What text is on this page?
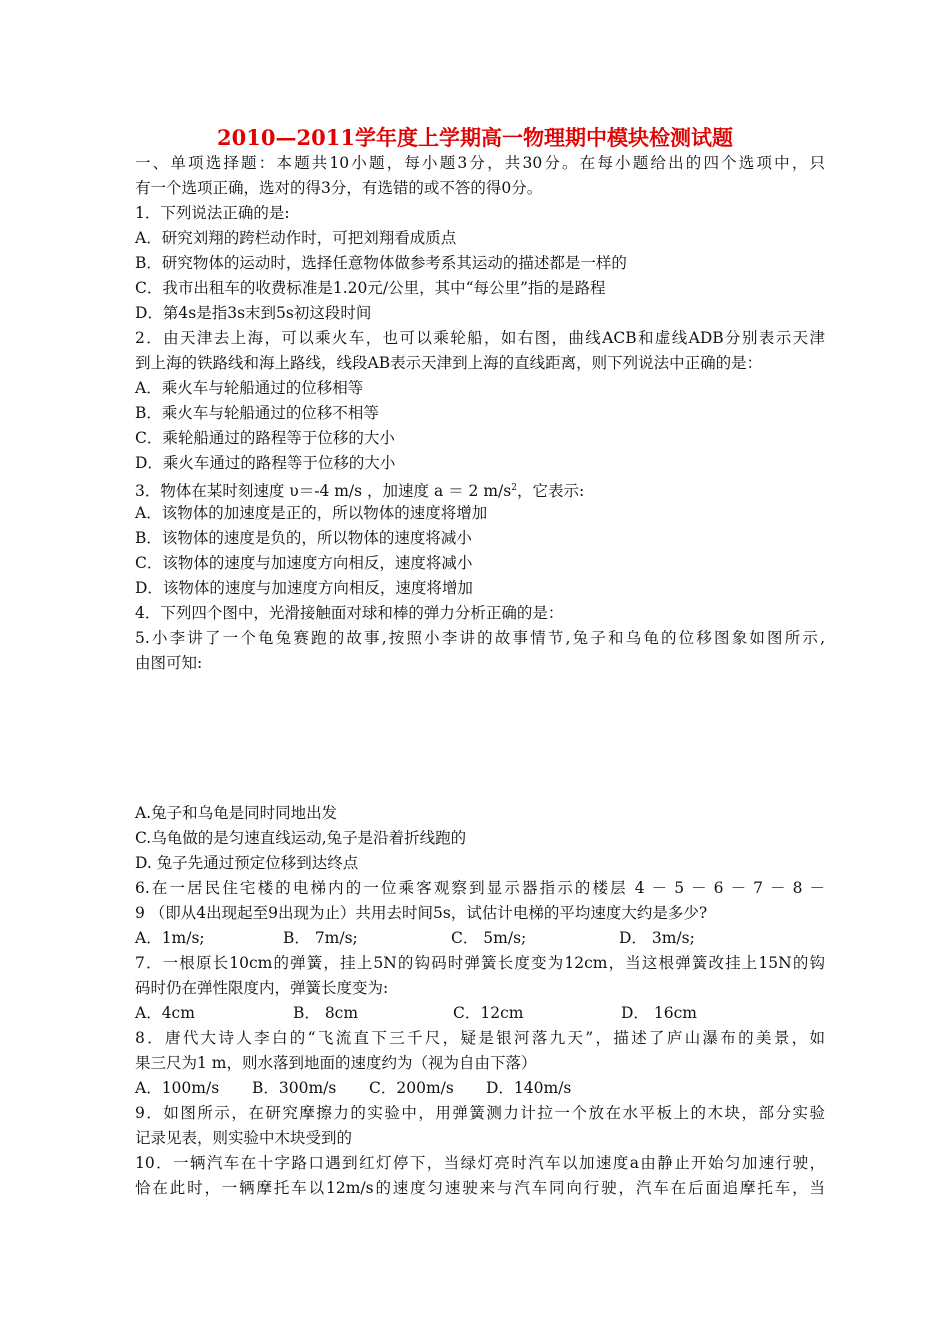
2010—2011学年度上学期高一物理期中模块检测试题
一、单项选择题：本题共10小题，每小题3分，共30分。在每小题给出的四个选项中，只
有一个选项正确，选对的得3分，有选错的或不答的得0分。
1．下列说法正确的是:
A．研究刘翔的跨栏动作时，可把刘翔看成质点
B．研究物体的运动时，选择任意物体做参考系其运动的描述都是一样的
C．我市出租车的收费标准是1.20元/公里，其中“每公里”指的是路程
D．第4s是指3s末到5s初这段时间
2．由天津去上海，可以乘火车，也可以乘轮船，如右图，曲线ACB和虚线ADB分别表示天津
到上海的铁路线和海上路线，线段AB表示天津到上海的直线距离，则下列说法中正确的是：
A．乘火车与轮船通过的位移相等
B．乘火车与轮船通过的位移不相等
C．乘轮船通过的路程等于位移的大小
D．乘火车通过的路程等于位移的大小
3．物体在某时刻速度 υ＝-4 m/s ，加速度 a ＝ 2 $m/s^2$，它表示:
A．该物体的加速度是正的，所以物体的速度将增加
B．该物体的速度是负的，所以物体的速度将减小
C．该物体的速度与加速度方向相反，速度将减小
D．该物体的速度与加速度方向相反，速度将增加
4．下列四个图中，光滑接触面对球和棒的弹力分析正确的是：
5.小李讲了一个龟兔赛跑的故事,按照小李讲的故事情节,兔子和乌龟的位移图象如图所示,
由图可知:
A.兔子和乌龟是同时同地出发
C.乌龟做的是匀速直线运动,兔子是沿着折线跑的
D. 兔子先通过预定位移到达终点
6.在一居民住宅楼的电梯内的一位乘客观察到显示器指示的楼层 4 － 5 － 6 － 7 － 8 －
9 （即从4出现起至9出现为止）共用去时间5s，试估计电梯的平均速度大约是多少?
A．1m/s;	B． 7m/s;	C． 5m/s;	D． 3m/s;
7．一根原长10cm的弹簧，挂上5N的钩码时弹簧长度变为12cm，当这根弹簧改挂上15N的钩
码时仍在弹性限度内，弹簧长度变为:
A．4cm	B． 8cm	C．12cm	D． 16cm
8．唐代大诗人李白的“飞流直下三千尺，疑是银河落九天”，描述了庐山瀑布的美景，如
果三尺为1 m，则水落到地面的速度约为（视为自由下落）
A．100m/s	B．300m/s	C．200m/s	D．140m/s
9．如图所示，在研究摩擦力的实验中，用弹簧测力计拉一个放在水平板上的木块，部分实验
记录见表，则实验中木块受到的
10．一辆汽车在十字路口遇到红灯停下，当绿灯亮时汽车以加速度a由静止开始匀加速行驶，
恰在此时，一辆摩托车以12m/s的速度匀速驶来与汽车同向行驶，汽车在后面追摩托车，当
